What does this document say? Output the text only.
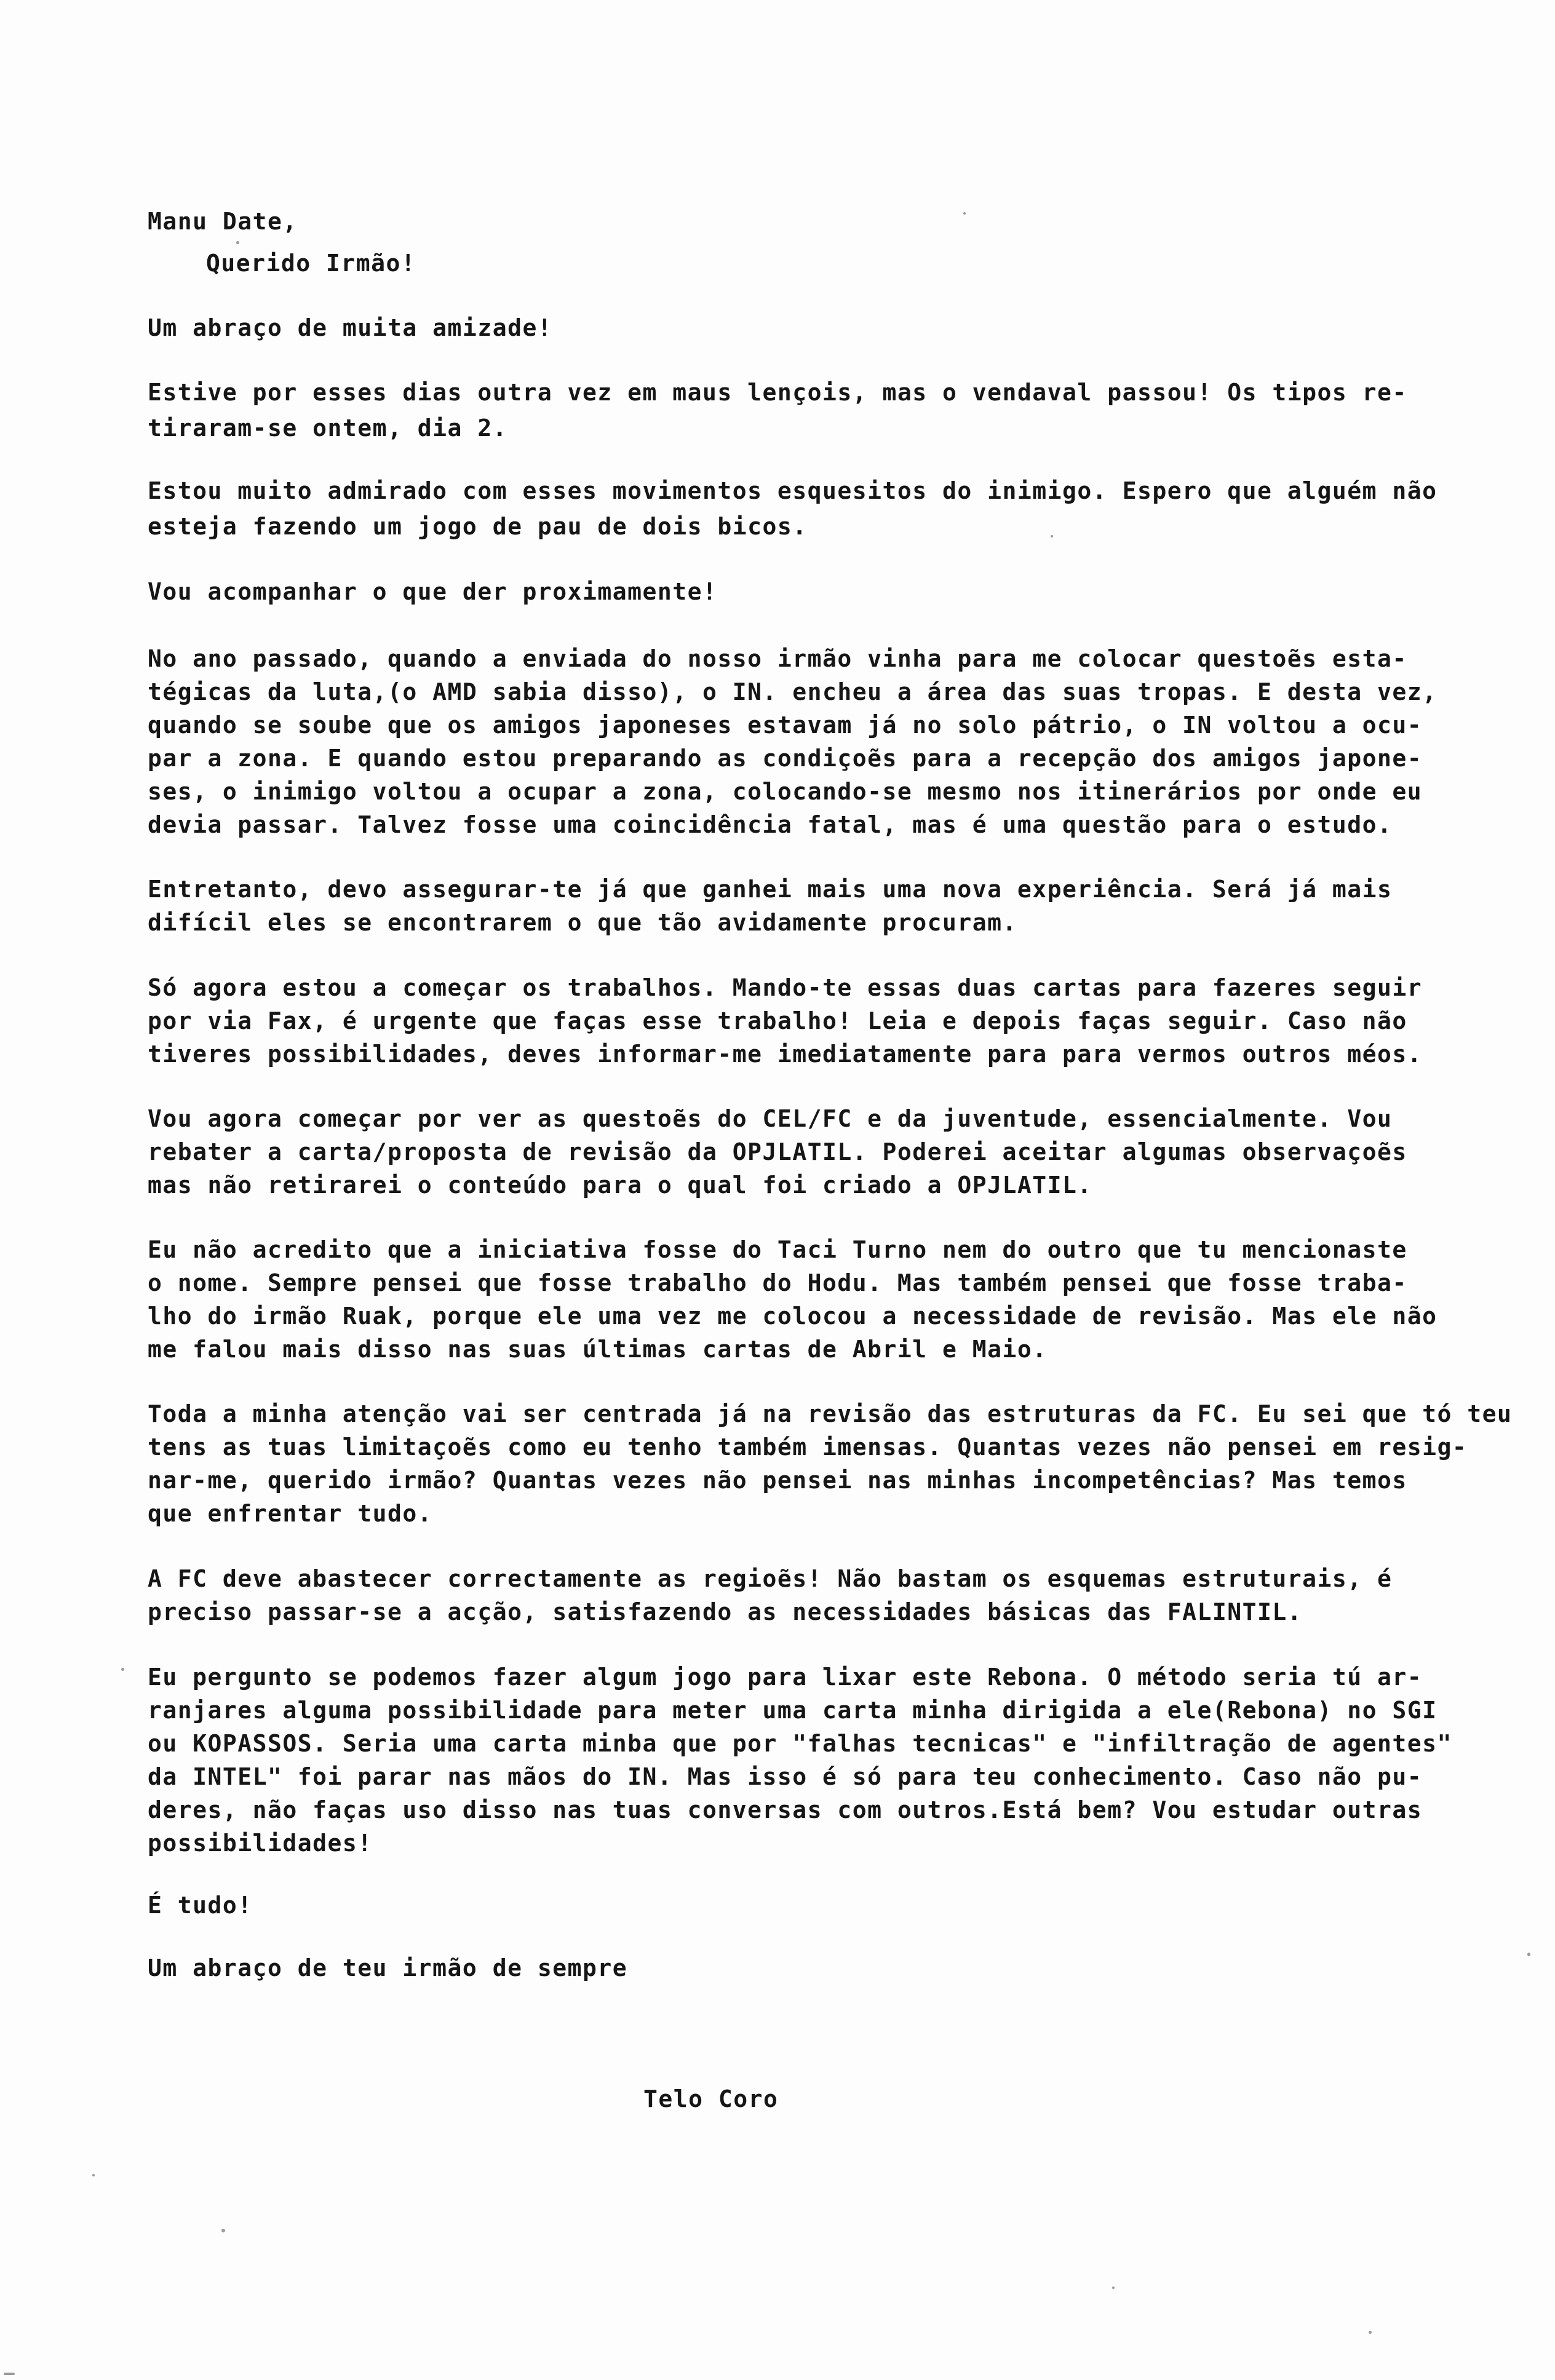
Manu Date,
Querido Irmão!
Um abraço de muita amizade!
Estive por esses dias outra vez em maus lençois, mas o vendaval passou! Os tipos re-
tiraram-se ontem, dia 2.
Estou muito admirado com esses movimentos esquesitos do inimigo. Espero que alguém não
esteja fazendo um jogo de pau de dois bicos.
Vou acompanhar o que der proximamente!
No ano passado, quando a enviada do nosso irmão vinha para me colocar questoẽs esta-
tégicas da luta,(o AMD sabia disso), o IN. encheu a área das suas tropas. E desta vez,
quando se soube que os amigos japoneses estavam já no solo pátrio, o IN voltou a ocu-
par a zona. E quando estou preparando as condiçoẽs para a recepção dos amigos japone-
ses, o inimigo voltou a ocupar a zona, colocando-se mesmo nos itinerários por onde eu
devia passar. Talvez fosse uma coincidência fatal, mas é uma questão para o estudo.
Entretanto, devo assegurar-te já que ganhei mais uma nova experiência. Será já mais
difícil eles se encontrarem o que tão avidamente procuram.
Só agora estou a começar os trabalhos. Mando-te essas duas cartas para fazeres seguir
por via Fax, é urgente que faças esse trabalho! Leia e depois faças seguir. Caso não
tiveres possibilidades, deves informar-me imediatamente para para vermos outros méos.
Vou agora começar por ver as questoẽs do CEL/FC e da juventude, essencialmente. Vou
rebater a carta/proposta de revisão da OPJLATIL. Poderei aceitar algumas observaçoẽs
mas não retirarei o conteúdo para o qual foi criado a OPJLATIL.
Eu não acredito que a iniciativa fosse do Taci Turno nem do outro que tu mencionaste
o nome. Sempre pensei que fosse trabalho do Hodu. Mas também pensei que fosse traba-
lho do irmão Ruak, porque ele uma vez me colocou a necessidade de revisão. Mas ele não
me falou mais disso nas suas últimas cartas de Abril e Maio.
Toda a minha atenção vai ser centrada já na revisão das estruturas da FC. Eu sei que tó teu
tens as tuas limitaçoẽs como eu tenho também imensas. Quantas vezes não pensei em resig-
nar-me, querido irmão? Quantas vezes não pensei nas minhas incompetências? Mas temos
que enfrentar tudo.
A FC deve abastecer correctamente as regioẽs! Não bastam os esquemas estruturais, é
preciso passar-se a acção, satisfazendo as necessidades básicas das FALINTIL.
Eu pergunto se podemos fazer algum jogo para lixar este Rebona. O método seria tú ar-
ranjares alguma possibilidade para meter uma carta minha dirigida a ele(Rebona) no SGI
ou KOPASSOS. Seria uma carta minba que por "falhas tecnicas" e "infiltração de agentes"
da INTEL" foi parar nas mãos do IN. Mas isso é só para teu conhecimento. Caso não pu-
deres, não faças uso disso nas tuas conversas com outros.Está bem? Vou estudar outras
possibilidades!
É tudo!
Um abraço de teu irmão de sempre
Telo Coro
